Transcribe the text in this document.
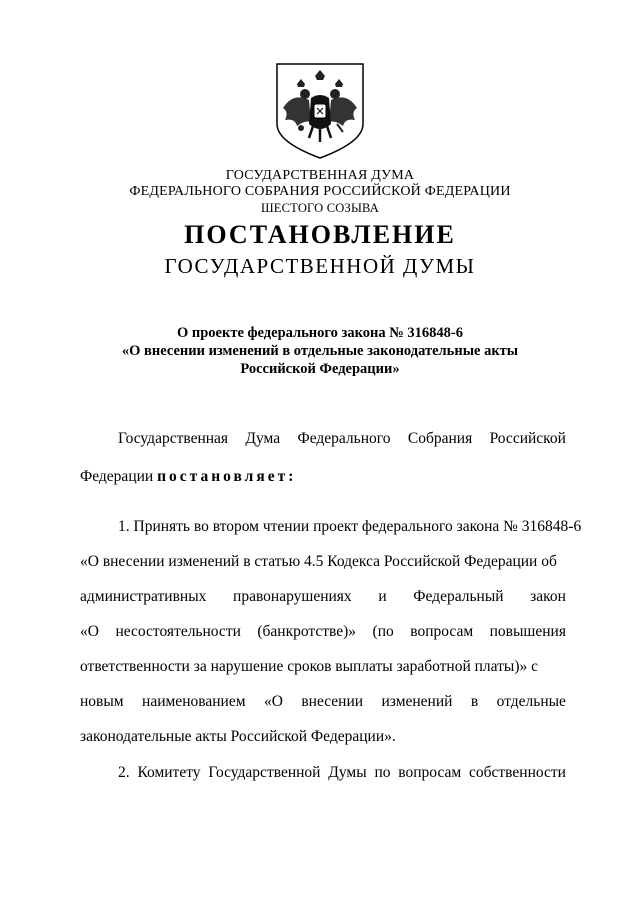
ГОСУДАРСТВЕННАЯ ДУМА
ФЕДЕРАЛЬНОГО СОБРАНИЯ РОССИЙСКОЙ ФЕДЕРАЦИИ
ШЕСТОГО СОЗЫВА
ПОСТАНОВЛЕНИЕ
ГОСУДАРСТВЕННОЙ ДУМЫ
О проекте федерального закона № 316848-6
«О внесении изменений в отдельные законодательные акты
Российской Федерации»
Государственная Дума Федерального Собрания Российской
Федерации постановляет:
1. Принять во втором чтении проект федерального закона № 316848-6
«О внесении изменений в статью 4.5 Кодекса Российской Федерации об
административных правонарушениях и Федеральный закон
«О несостоятельности (банкротстве)» (по вопросам повышения
ответственности за нарушение сроков выплаты заработной платы)» с
новым наименованием «О внесении изменений в отдельные
законодательные акты Российской Федерации».
2. Комитету Государственной Думы по вопросам собственности
